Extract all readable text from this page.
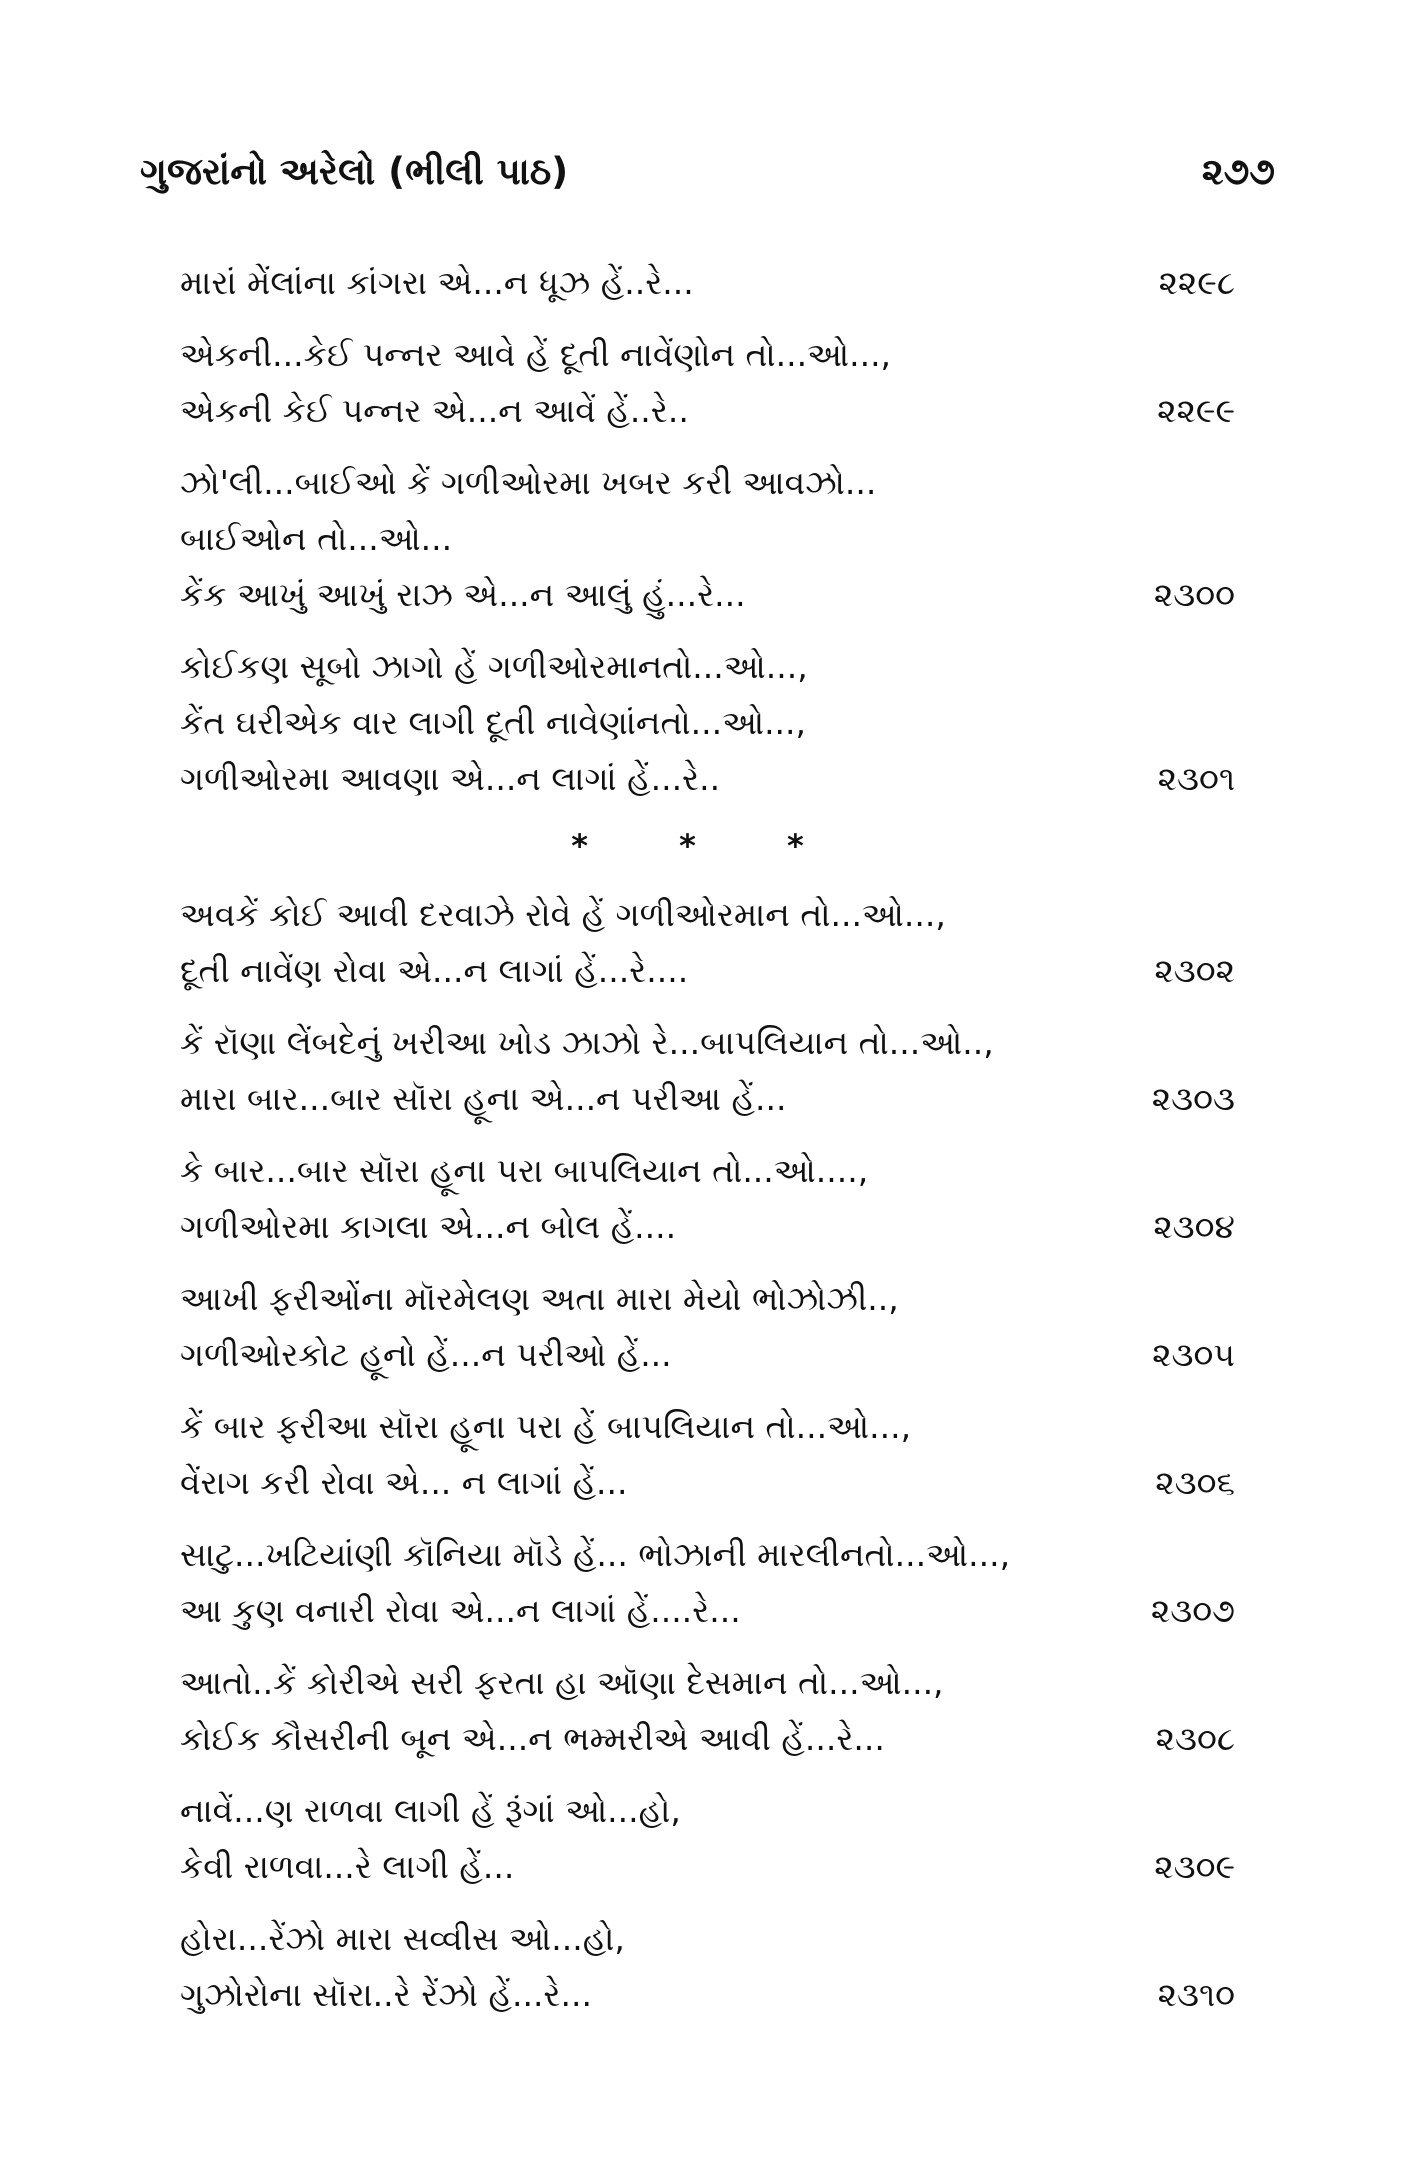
ગુજરાંનો અરેલો (ભીલી પાઠ)	૨૭૭
મારાં મેંલાંના કાંગરા એ...ન ધૂઝ હેં..રે...	૨૨૯૮
એકની...કેઈ પન્નર આવે હેં દૂતી નાવેંણોન તો...ઓ...,
એકની કેઈ પન્નર એ...ન આવેં હેં..રે..	૨૨૯૯
ઝો'લી...બાઈઓ કેં ગળીઓરમા ખબર કરી આવઝો...
બાઈઓન તો...ઓ...
કેંક આખું આખું રાઝ એ...ન આલું હું...રે...	૨૩૦૦
કોઈકણ સૂબો ઝાગો હેં ગળીઓરમાનતો...ઓ...,
કેંત ઘરીએક વાર લાગી દૂતી નાવેણાંનતો...ઓ...,
ગળીઓરમા આવણા એ...ન લાગાં હેં...રે..	૨૩૦૧
* * *
અવકેં કોઈ આવી દરવાઝે રોવે હેં ગળીઓરમાન તો...ઓ...,
દૂતી નાવેંણ રોવા એ...ન લાગાં હેં...રે....	૨૩૦૨
કેં રૉણા લેંબદેનું ખરીઆ ખોડ ઝાઝો રે...બાપલિયાન તો...ઓ..,
મારા બાર...બાર સૉરા હૂના એ...ન પરીઆ હેં...	૨૩૦૩
કે બાર...બાર સૉરા હૂના પરા બાપલિયાન તો...ઓ....,
ગળીઓરમા કાગલા એ...ન બોલ હેં....	૨૩૦૪
આખી ફરીઓંના મૉરમેલણ અતા મારા મેયો ભોઝોઝી..,
ગળીઓરકોટ હૂનો હેં...ન પરીઓ હેં...	૨૩૦૫
કેં બાર ફરીઆ સૉરા હૂના પરા હેં બાપલિયાન તો...ઓ...,
વેંરાગ કરી રોવા એ... ન લાગાં હેં...	૨૩૦૬
સાટુ...ખટિયાંણી કૉનિયા મૉડે હેં... ભોઝાની મારલીનતો...ઓ...,
આ કુણ વનારી રોવા એ...ન લાગાં હેં....રે...	૨૩૦૭
આતો..કેં કોરીએ સરી ફરતા હા ઑણા દેસમાન તો...ઓ...,
કોઈક કૌસરીની બૂન એ...ન ભમ્મરીએ આવી હેં...રે...	૨૩૦૮
નાવેં...ણ રાળવા લાગી હેં રૂંગાં ઓ...હો,
કેવી રાળવા...રે લાગી હેં...	૨૩૦૯
હોરા...રેંઝો મારા સવ્વીસ ઓ...હો,
ગુઝોરોના સૉરા..રે રેંઝો હેં...રે...	૨૩૧૦
